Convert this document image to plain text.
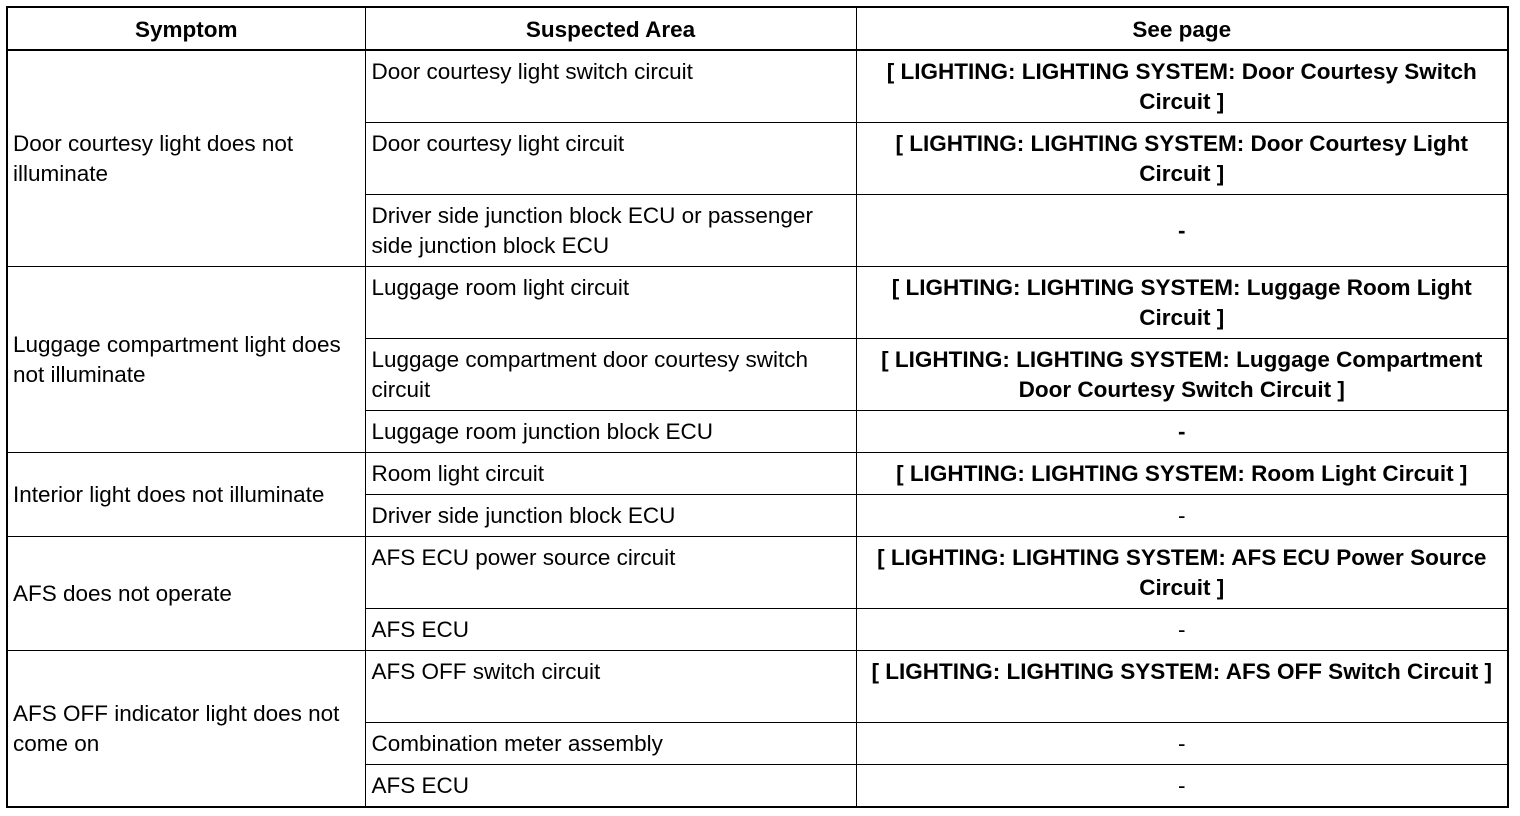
Symptom	Suspected Area	See page
Door courtesy light does not illuminate	Door courtesy light switch circuit	[ LIGHTING: LIGHTING SYSTEM: Door Courtesy Switch Circuit ]
	Door courtesy light circuit	[ LIGHTING: LIGHTING SYSTEM: Door Courtesy Light Circuit ]
	Driver side junction block ECU or passenger side junction block ECU	-
Luggage compartment light does not illuminate	Luggage room light circuit	[ LIGHTING: LIGHTING SYSTEM: Luggage Room Light Circuit ]
	Luggage compartment door courtesy switch circuit	[ LIGHTING: LIGHTING SYSTEM: Luggage Compartment Door Courtesy Switch Circuit ]
	Luggage room junction block ECU	-
Interior light does not illuminate	Room light circuit	[ LIGHTING: LIGHTING SYSTEM: Room Light Circuit ]
	Driver side junction block ECU	-
AFS does not operate	AFS ECU power source circuit	[ LIGHTING: LIGHTING SYSTEM: AFS ECU Power Source Circuit ]
	AFS ECU	-
AFS OFF indicator light does not come on	AFS OFF switch circuit	[ LIGHTING: LIGHTING SYSTEM: AFS OFF Switch Circuit ]
	Combination meter assembly	-
	AFS ECU	-
